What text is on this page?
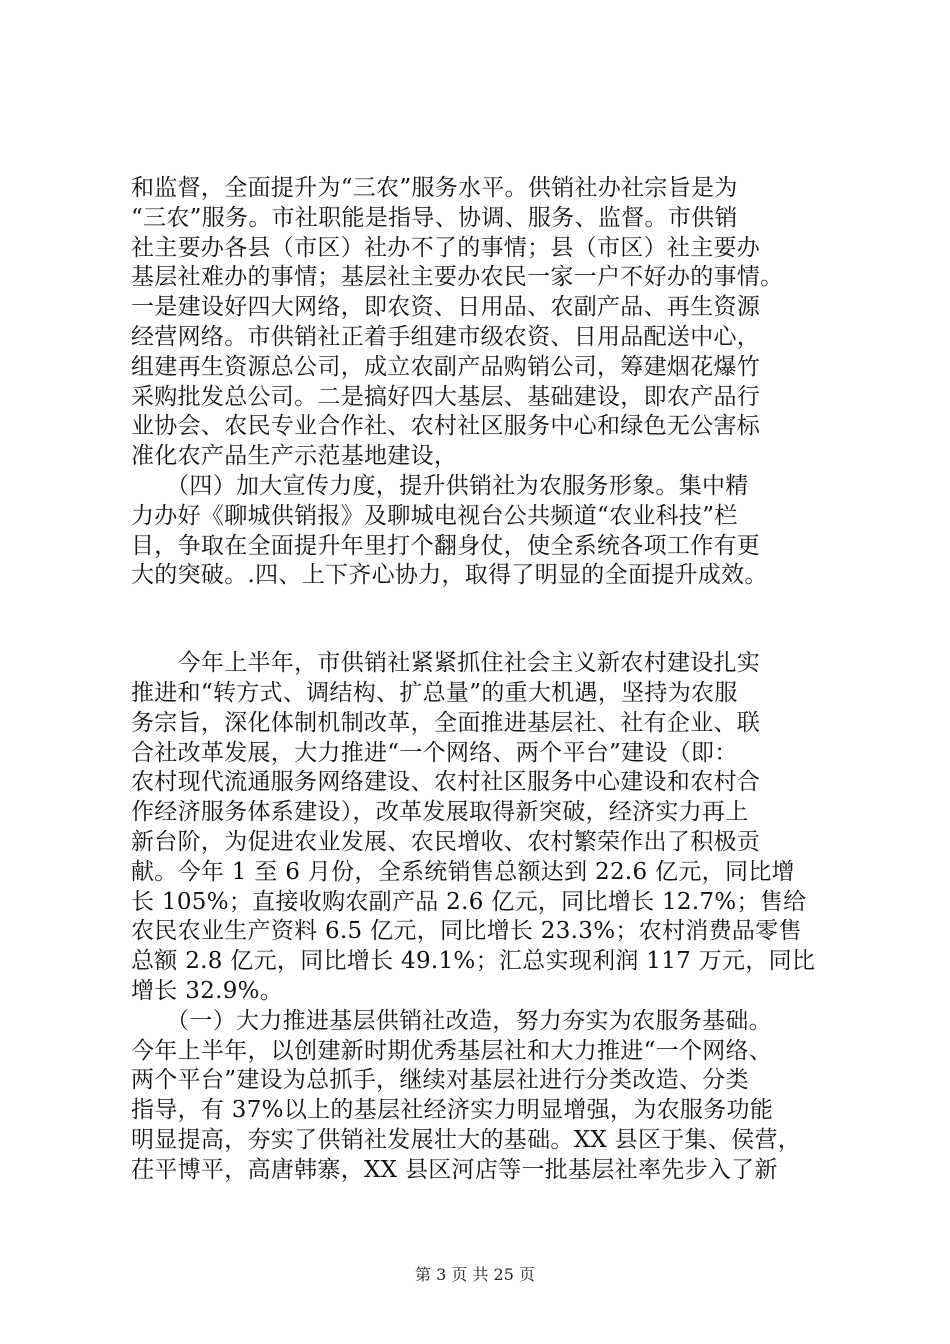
和监督，全面提升为“三农”服务水平。供销社办社宗旨是为
“三农”服务。市社职能是指导、协调、服务、监督。市供销
社主要办各县（市区）社办不了的事情；县（市区）社主要办
基层社难办的事情；基层社主要办农民一家一户不好办的事情。
一是建设好四大网络，即农资、日用品、农副产品、再生资源
经营网络。市供销社正着手组建市级农资、日用品配送中心，
组建再生资源总公司，成立农副产品购销公司，筹建烟花爆竹
采购批发总公司。二是搞好四大基层、基础建设，即农产品行
业协会、农民专业合作社、农村社区服务中心和绿色无公害标
准化农产品生产示范基地建设，
　　（四）加大宣传力度，提升供销社为农服务形象。集中精
力办好《聊城供销报》及聊城电视台公共频道“农业科技”栏
目，争取在全面提升年里打个翻身仗，使全系统各项工作有更
大的突破。.四、上下齐心协力，取得了明显的全面提升成效。
　　今年上半年，市供销社紧紧抓住社会主义新农村建设扎实
推进和“转方式、调结构、扩总量”的重大机遇，坚持为农服
务宗旨，深化体制机制改革，全面推进基层社、社有企业、联
合社改革发展，大力推进“一个网络、两个平台”建设（即：
农村现代流通服务网络建设、农村社区服务中心建设和农村合
作经济服务体系建设），改革发展取得新突破，经济实力再上
新台阶，为促进农业发展、农民增收、农村繁荣作出了积极贡
献。今年 1 至 6 月份，全系统销售总额达到 22.6 亿元，同比增
长 105%；直接收购农副产品 2.6 亿元，同比增长 12.7%；售给
农民农业生产资料 6.5 亿元，同比增长 23.3%；农村消费品零售
总额 2.8 亿元，同比增长 49.1%；汇总实现利润 117 万元，同比
增长 32.9%。
　　（一）大力推进基层供销社改造，努力夯实为农服务基础。
今年上半年，以创建新时期优秀基层社和大力推进“一个网络、
两个平台”建设为总抓手，继续对基层社进行分类改造、分类
指导，有 37%以上的基层社经济实力明显增强，为农服务功能
明显提高，夯实了供销社发展壮大的基础。XX 县区于集、侯营，
茌平博平，高唐韩寨，XX 县区河店等一批基层社率先步入了新
第 3 页 共 25 页
